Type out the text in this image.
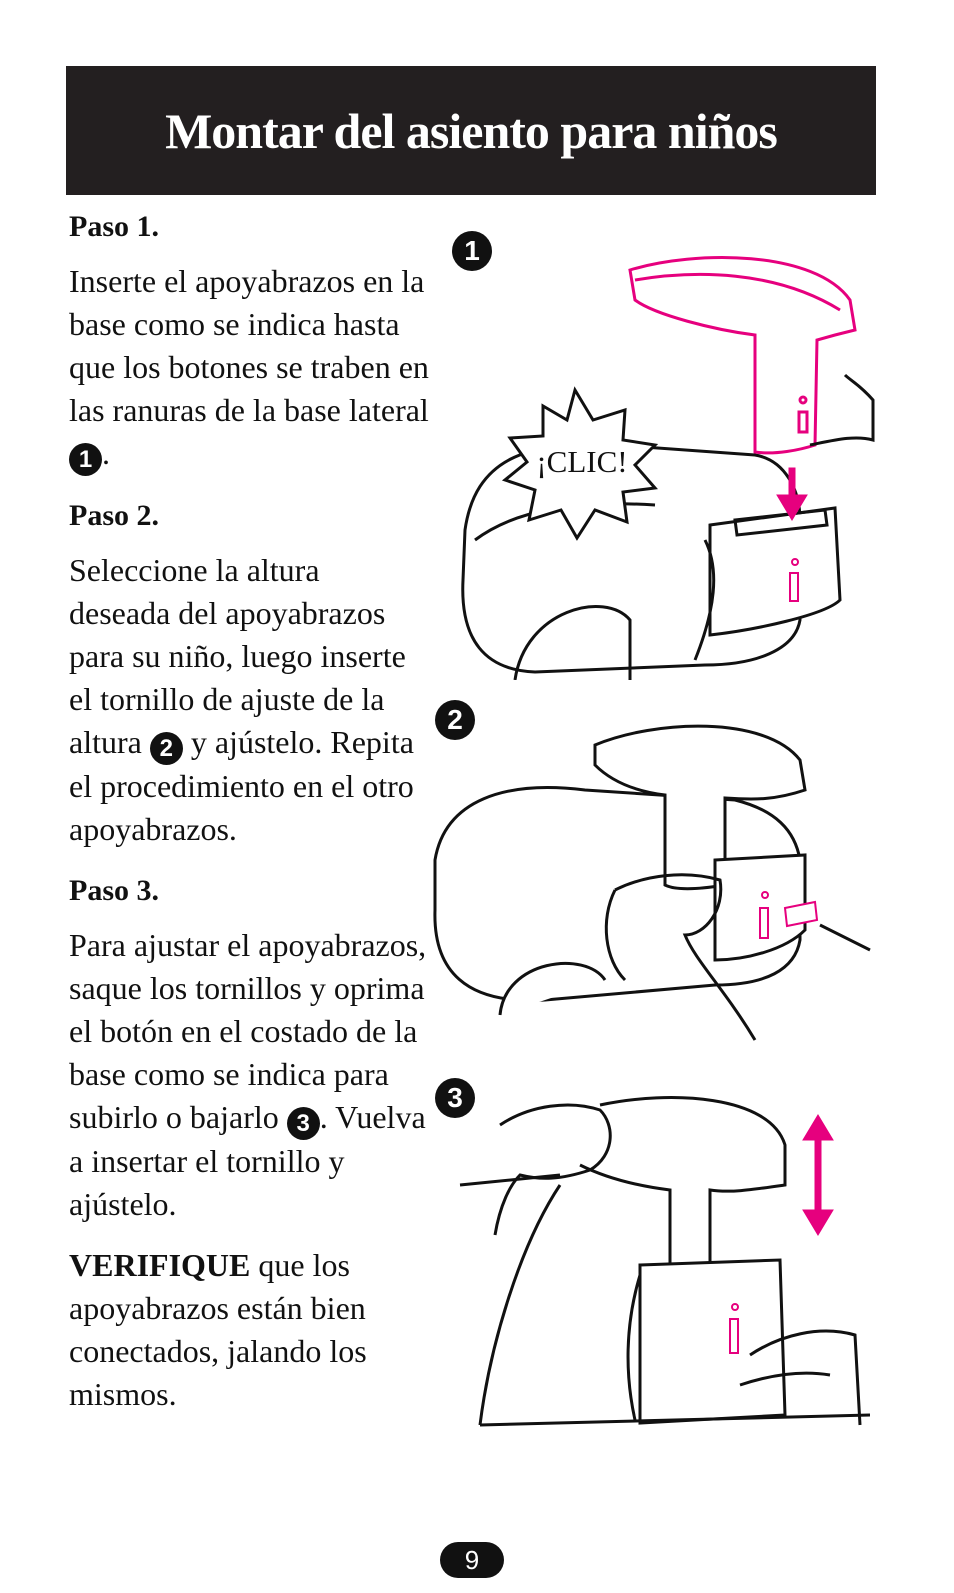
Montar del asiento para niños

Paso 1.

Inserte el apoyabrazos en la base como se indica hasta que los botones se traben en las ranuras de la base lateral 1 .

Paso 2.

Seleccione la altura deseada del apoyabrazos para su niño, luego inserte el tornillo de ajuste de la altura 2 y ajústelo. Repita el procedimiento en el otro apoyabrazos.

Paso 3.

Para ajustar el apoyabrazos, saque los tornillos y oprima el botón en el costado de la base como se indica para subirlo o bajarlo 3 . Vuelva a insertar el tornillo y ajústelo.

VERIFIQUE que los apoyabrazos están bien conectados, jalando los mismos.

1
¡CLIC!
2
3
9
